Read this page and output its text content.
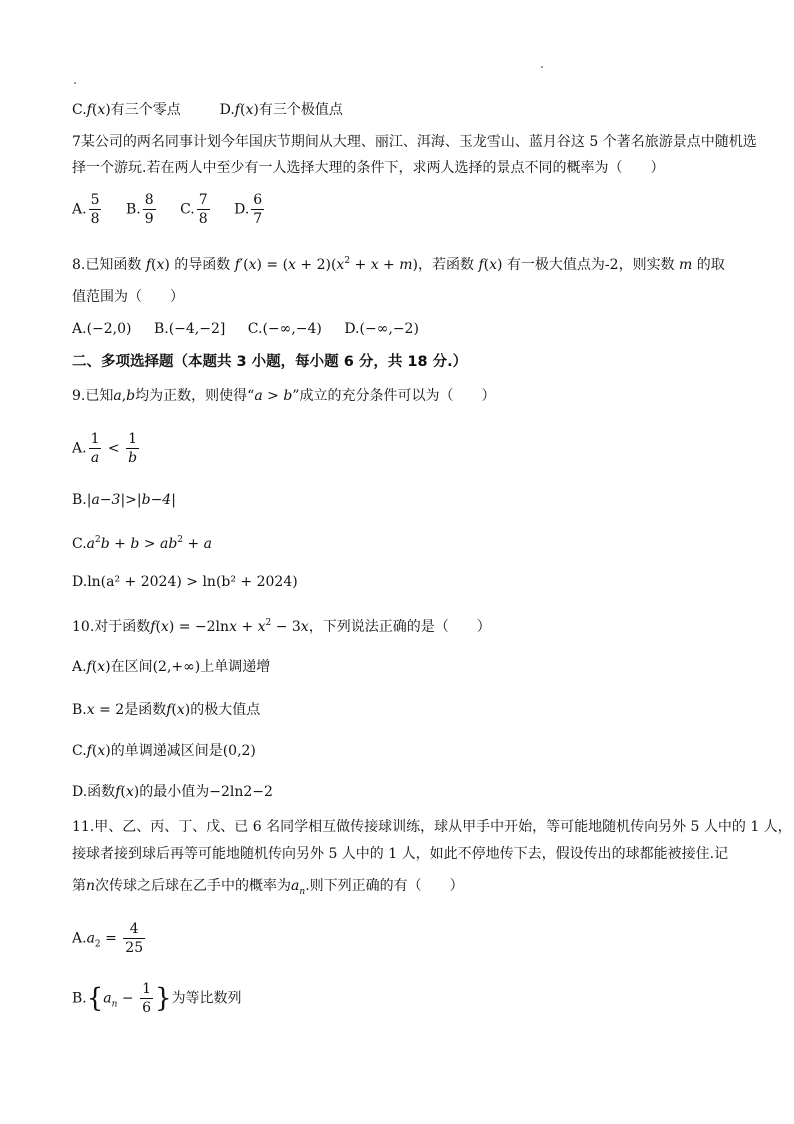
C.f(x)有三个零点	D.f(x)有三个极值点
7某公司的两名同事计划今年国庆节期间从大理、丽江、洱海、玉龙雪山、蓝月谷这 5 个著名旅游景点中随机选
择一个游玩.若在两人中至少有一人选择大理的条件下，求两人选择的景点不同的概率为（　　）
A. $\frac{5}{8} B$. $\frac{8}{9} C$. $\frac{7}{8} D$. $\frac{6}{7}$
8.已知函数 f(x) 的导函数 $f'(x) = (x + 2)(x^2 + x + m)$，若函数 f(x) 有一极大值点为-2，则实数 m 的取
值范围为（　　）
A.(−2,0) B.(−4,−2] C.(−∞,−4) D.(−∞,−2)
二、多项选择题（本题共 3 小题，每小题 6 分，共 18 分.）
9.已知a,b均为正数，则使得“a > b”成立的充分条件可以为（　　）
A. $\frac{1}{a} < \frac{1}{b}$
B.|a−3|>|b−4|
$C.a^2b + b > ab^2 + a$
D.ln(a² + 2024) > ln(b² + 2024)
10.对于函数$f(x) = -2\ln x + x^2 - 3x$，下列说法正确的是（　　）
A.f(x)在区间(2,+∞)上单调递增
B.x = 2是函数f(x)的极大值点
C.f(x)的单调递减区间是(0,2)
D.函数f(x)的最小值为−2ln2−2
11.甲、乙、丙、丁、戊、已 6 名同学相互做传接球训练，球从甲手中开始，等可能地随机传向另外 5 人中的 1 人，
接球者接到球后再等可能地随机传向另外 5 人中的 1 人，如此不停地传下去，假设传出的球都能被接住.记
第n次传球之后球在乙手中的概率为$a_n$.则下列正确的有（　　）
$A.a_2 = \frac{4}{25}$
$B.\{a_n - \frac{1}{6}$ }为等比数列
